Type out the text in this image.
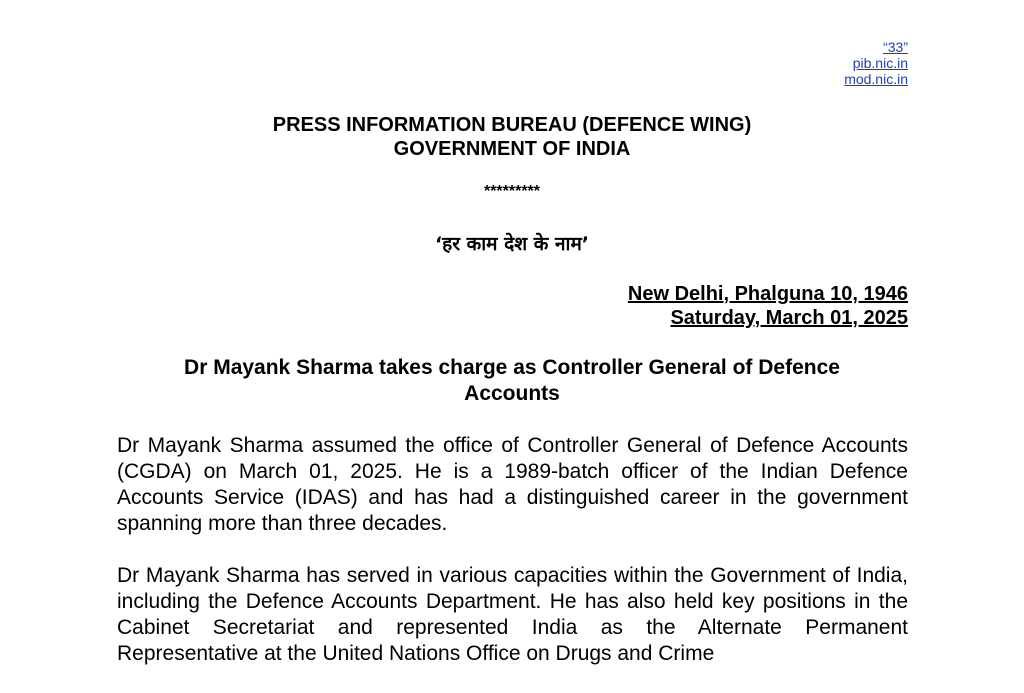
“33”
pib.nic.in
mod.nic.in
PRESS INFORMATION BUREAU (DEFENCE WING)
GOVERNMENT OF INDIA
*********
‘हर काम देश के नाम’
New Delhi, Phalguna 10, 1946
Saturday, March 01, 2025
Dr Mayank Sharma takes charge as Controller General of Defence Accounts

Dr Mayank Sharma assumed the office of Controller General of Defence Accounts (CGDA) on March 01, 2025. He is a 1989-batch officer of the Indian Defence Accounts Service (IDAS) and has had a distinguished career in the government spanning more than three decades.

Dr Mayank Sharma has served in various capacities within the Government of India, including the Defence Accounts Department. He has also held key positions in the Cabinet Secretariat and represented India as the Alternate Permanent Representative at the United Nations Office on Drugs and Crime
